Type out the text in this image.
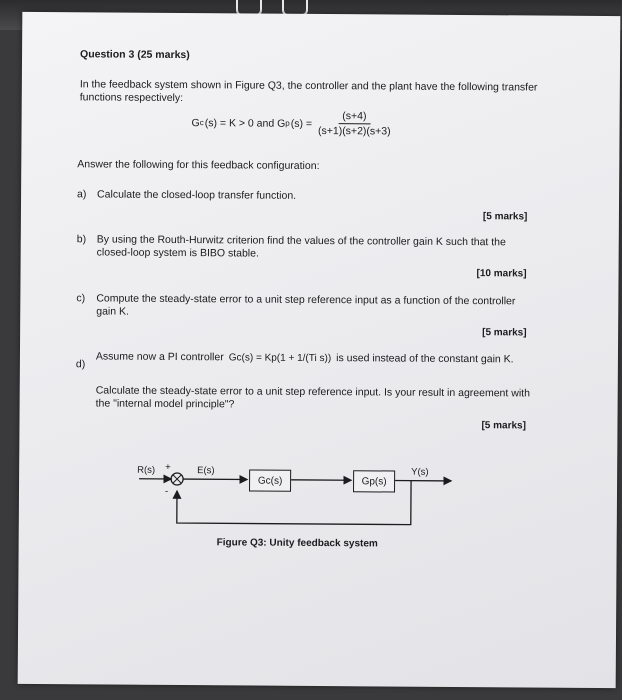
Question 3 (25 marks)

In the feedback system shown in Figure Q3, the controller and the plant have the following transfer functions respectively:

G c (s) = K > 0 and G p $(s) = \frac{(s+4)}{(s+1)(s+2)(s+3)}$

Answer the following for this feedback configuration:

a) Calculate the closed-loop transfer function.

[5 marks]

b) By using the Routh-Hurwitz criterion find the values of the controller gain K such that the closed-loop system is BIBO stable.

[10 marks]

c) Compute the steady-state error to a unit step reference input as a function of the controller gain K.

[5 marks]

d)

Assume now a PI controller Gc(s) = Kp(1 + 1/(Ti s)) is used instead of the constant gain K.

Calculate the steady-state error to a unit step reference input. Is your result in agreement with the "internal model principle"?

[5 marks]

Gc(s)	Gp(s)
R(s) +
-
E(s)	Y(s)
Figure Q3: Unity feedback system
